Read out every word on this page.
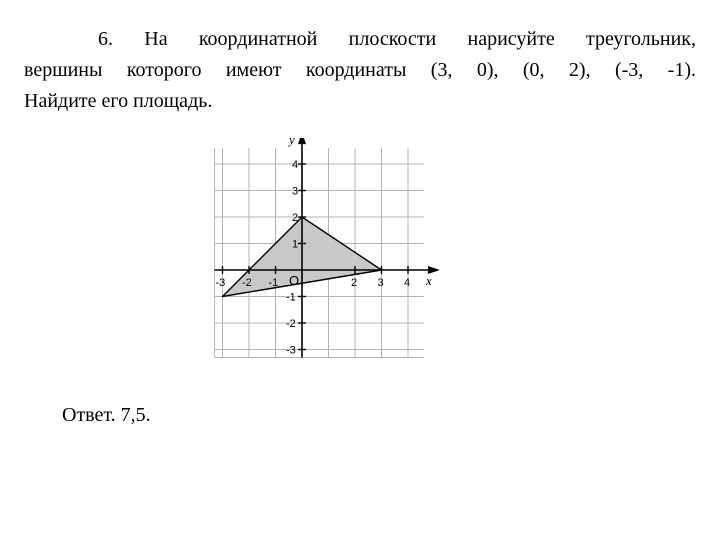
6. На координатной плоскости нарисуйте треугольник,
вершины которого имеют координаты (3, 0), (0, 2), (-3, -1).
Найдите его площадь.
-3 -2 -1	2 3 4
4
3
2
1
-1
-2
-3
x
y
O
Ответ. 7,5.
